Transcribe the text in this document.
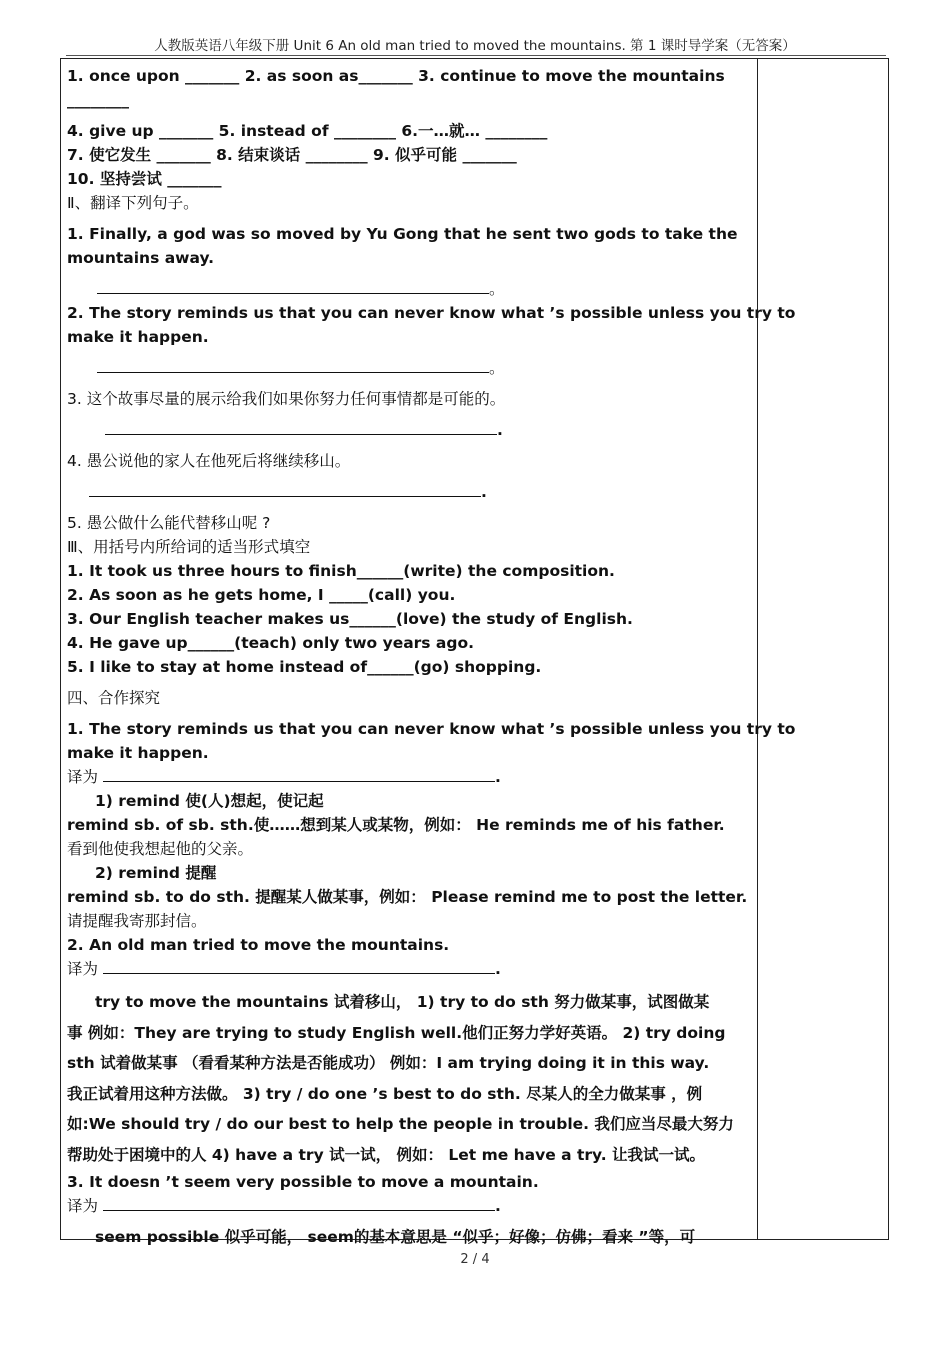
人教版英语八年级下册 Unit 6 An old man tried to moved the mountains. 第 1 课时导学案（无答案）
1. once upon _______ 2. as soon as_______ 3. continue to move the mountains
________
4. give up _______ 5. instead of ________ 6.一…就… ________
7. 使它发生 _______ 8. 结束谈话 ________ 9. 似乎可能 _______
10. 坚持尝试 _______
Ⅱ、翻译下列句子。
1. Finally, a god was so moved by Yu Gong that he sent two gods to take the
mountains away.
。
2. The story reminds us that you can never know what ’s possible unless you try to
make it happen.
。
3. 这个故事尽量的展示给我们如果你努力任何事情都是可能的。
.
4. 愚公说他的家人在他死后将继续移山。
.
5. 愚公做什么能代替移山呢 ?
Ⅲ、用括号内所给词的适当形式填空
1. It took us three hours to finish______(write) the composition.
2. As soon as he gets home, I _____(call) you.
3. Our English teacher makes us______(love) the study of English.
4. He gave up______(teach) only two years ago.
5. I like to stay at home instead of______(go) shopping.
四、合作探究
1. The story reminds us that you can never know what ’s possible unless you try to
make it happen.
译为	.
1) remind 使(人)想起，使记起
remind sb. of sb. sth.使……想到某人或某物，例如： He reminds me of his father.
看到他使我想起他的父亲。
2) remind 提醒
remind sb. to do sth. 提醒某人做某事，例如： Please remind me to post the letter.
请提醒我寄那封信。
2. An old man tried to move the mountains.
译为	.
try to move the mountains 试着移山， 1) try to do sth 努力做某事，试图做某
事 例如：They are trying to study English well.他们正努力学好英语。 2) try doing
sth 试着做某事 （看看某种方法是否能成功） 例如：I am trying doing it in this way.
我正试着用这种方法做。 3) try / do one ’s best to do sth. 尽某人的全力做某事 ，例
如:We should try / do our best to help the people in trouble. 我们应当尽最大努力
帮助处于困境中的人 4) have a try 试一试， 例如： Let me have a try. 让我试一试。
3. It doesn ’t seem very possible to move a mountain.
译为	.
seem possible 似乎可能， seem的基本意思是 “似乎；好像；仿佛；看来 ”等，可
2 / 4
